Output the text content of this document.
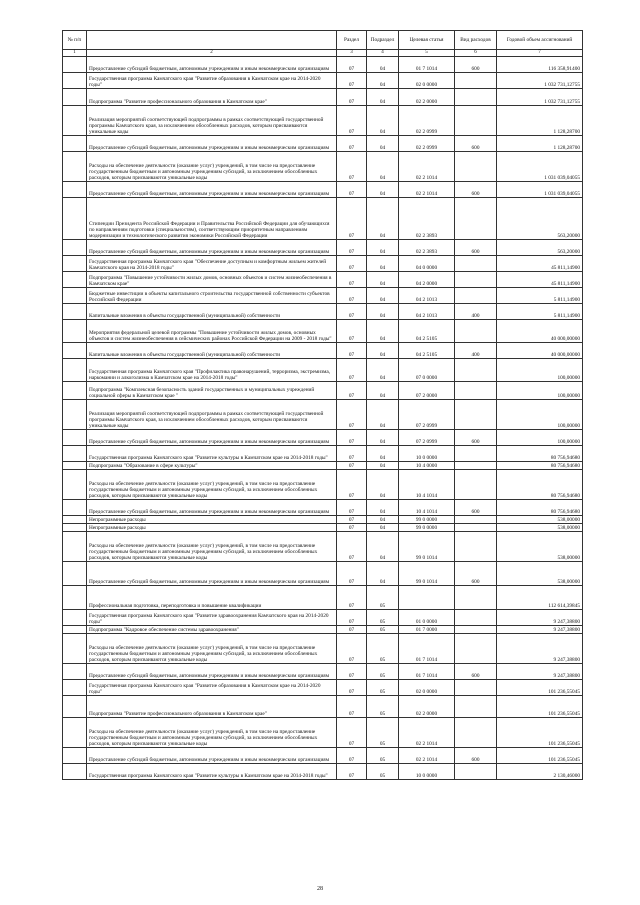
№ п/п		Раздел	Подраздел	Целевая статья	Вид расходов	Годовой объем ассигнований
1	2	3	4	5	6	7
	Предоставление субсидий бюджетным, автономным учреждениям и иным некоммерческим организациям	07	04	01 7 1014	600	116 358,91400
	Государственная программа Камчатского края "Развитие образования в Камчатском крае на 2014-2020 годы"	07	04	02 0 0000		1 032 731,12755
	Подпрограмма "Развитие профессионального образования в Камчатском крае"	07	04	02 2 0000		1 032 731,12755
	Реализация мероприятий соответствующей подпрограммы в рамках соответствующей государственной программы Камчатского края, за исключением обособленных расходов, которым присваиваются уникальные коды	07	04	02 2 0999		1 128,28700
	Предоставление субсидий бюджетным, автономным учреждениям и иным некоммерческим организациям	07	04	02 2 0999	600	1 128,28700
	Расходы на обеспечение деятельности (оказание услуг) учреждений, в том числе на предоставление государственным бюджетным и автономным учреждениям субсидий, за исключением обособленных расходов, которым присваиваются уникальные коды	07	04	02 2 1014		1 031 039,04055
	Предоставление субсидий бюджетным, автономным учреждениям и иным некоммерческим организациям	07	04	02 2 1014	600	1 031 039,04055
	Стипендии Президента Российской Федерации и Правительства Российской Федерации для обучающихся по направлениям подготовки (специальностям), соответствующим приоритетным направлениям модернизации и технологического развития экономики Российской Федерации	07	04	02 2 3893		563,20000
	Предоставление субсидий бюджетным, автономным учреждениям и иным некоммерческим организациям	07	04	02 2 3893	600	563,20000
	Государственная программа Камчатского края "Обеспечение доступным и комфортным жильем жителей Камчатского края на 2014-2018 годы"	07	04	04 0 0000		45 811,14900
	Подпрограмма "Повышение устойчивости жилых домов, основных объектов и систем жизнеобеспечения в Камчатском крае"	07	04	04 2 0000		45 811,14900
	Бюджетные инвестиции в объекты капитального строительства государственной собственности субъектов Российской Федерации	07	04	04 2 1013		5 811,14900
	Капитальные вложения в объекты государственной (муниципальной) собственности	07	04	04 2 1013	400	5 811,14900
	Мероприятия федеральной целевой программы "Повышение устойчивости жилых домов, основных объектов и систем жизнеобеспечения в сейсмических районах Российской Федерации на 2009 - 2018 годы"	07	04	04 2 5105		40 000,00000
	Капитальные вложения в объекты государственной (муниципальной) собственности	07	04	04 2 5105	400	40 000,00000
	Государственная программа Камчатского края "Профилактика правонарушений, терроризма, экстремизма, наркомании и алкоголизма в Камчатском крае на 2014-2018 годы"	07	04	07 0 0000		100,00000
	Подпрограмма "Комплексная безопасность зданий государственных и муниципальных учреждений социальной сферы в Камчатском крае "	07	04	07 2 0000		100,00000
	Реализация мероприятий соответствующей подпрограммы в рамках соответствующей государственной программы Камчатского края, за исключением обособленных расходов, которым присваиваются уникальные коды	07	04	07 2 0999		100,00000
	Предоставление субсидий бюджетным, автономным учреждениям и иным некоммерческим организациям	07	04	07 2 0999	600	100,00000
	Государственная программа Камчатского края "Развитие культуры в Камчатском крае на 2014-2018 годы"	07	04	10 0 0000		80 756,94680
	Подпрограмма "Образование в сфере культуры"	07	04	10 4 0000		80 756,94680
	Расходы на обеспечение деятельности (оказание услуг) учреждений, в том числе на предоставление государственным бюджетным и автономным учреждениям субсидий, за исключением обособленных расходов, которым присваиваются уникальные коды	07	04	10 4 1014		80 756,94680
	Предоставление субсидий бюджетным, автономным учреждениям и иным некоммерческим организациям	07	04	10 4 1014	600	80 756,94680
	Непрограммные расходы	07	04	99 0 0000		538,00000
	Непрограммные расходы	07	04	99 0 0000		538,00000
	Расходы на обеспечение деятельности (оказание услуг) учреждений, в том числе на предоставление государственным бюджетным и автономным учреждениям субсидий, за исключением обособленных расходов, которым присваиваются уникальные коды	07	04	99 0 1014		538,00000
	Предоставление субсидий бюджетным, автономным учреждениям и иным некоммерческим организациям	07	04	99 0 1014	600	538,00000
	Профессиональная подготовка, переподготовка и повышение квалификации	07	05			112 614,39845
	Государственная программа Камчатского края "Развитие здравоохранения Камчатского края на 2014-2020 годы"	07	05	01 0 0000		9 247,38800
	Подпрограмма "Кадровое обеспечение системы здравоохранения"	07	05	01 7 0000		9 247,38800
	Расходы на обеспечение деятельности (оказание услуг) учреждений, в том числе на предоставление государственным бюджетным и автономным учреждениям субсидий, за исключением обособленных расходов, которым присваиваются уникальные коды	07	05	01 7 1014		9 247,38800
	Предоставление субсидий бюджетным, автономным учреждениям и иным некоммерческим организациям	07	05	01 7 1014	600	9 247,38800
	Государственная программа Камчатского края "Развитие образования в Камчатском крае на 2014-2020 годы"	07	05	02 0 0000		101 236,55045
	Подпрограмма "Развитие профессионального образования в Камчатском крае"	07	05	02 2 0000		101 236,55045
	Расходы на обеспечение деятельности (оказание услуг) учреждений, в том числе на предоставление государственным бюджетным и автономным учреждениям субсидий, за исключением обособленных расходов, которым присваиваются уникальные коды	07	05	02 2 1014		101 236,55045
	Предоставление субсидий бюджетным, автономным учреждениям и иным некоммерческим организациям	07	05	02 2 1014	600	101 236,55045
	Государственная программа Камчатского края "Развитие культуры в Камчатском крае на 2014-2018 годы"	07	05	10 0 0000		2 130,46000
28
